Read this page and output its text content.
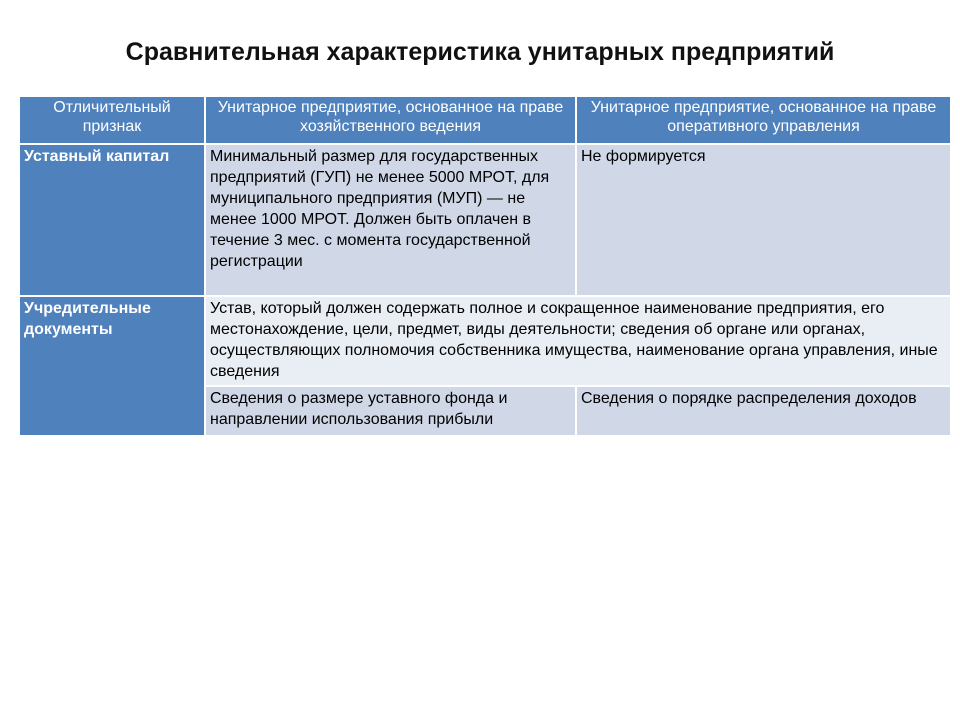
Сравнительная характеристика унитарных предприятий
Отличительный признак	Унитарное предприятие, основанное на праве хозяйственного ведения	Унитарное предприятие, основанное на праве оперативного управления
Уставный капитал	Минимальный размер для государственных предприятий (ГУП) не менее 5000 МРОТ, для муниципального предприятия (МУП) — не менее 1000 МРОТ. Должен быть оплачен в течение 3 мес. с момента государственной регистрации	Не формируется
Учредительные документы	Устав, который должен содержать полное и сокращенное наименование предприятия, его местонахождение, цели, предмет, виды деятельности; сведения об органе или органах, осуществляющих полномочия собственника имущества, наименование органа управления, иные сведения	
	Сведения о размере уставного фонда и направлении использования прибыли	Сведения о порядке распределения доходов
